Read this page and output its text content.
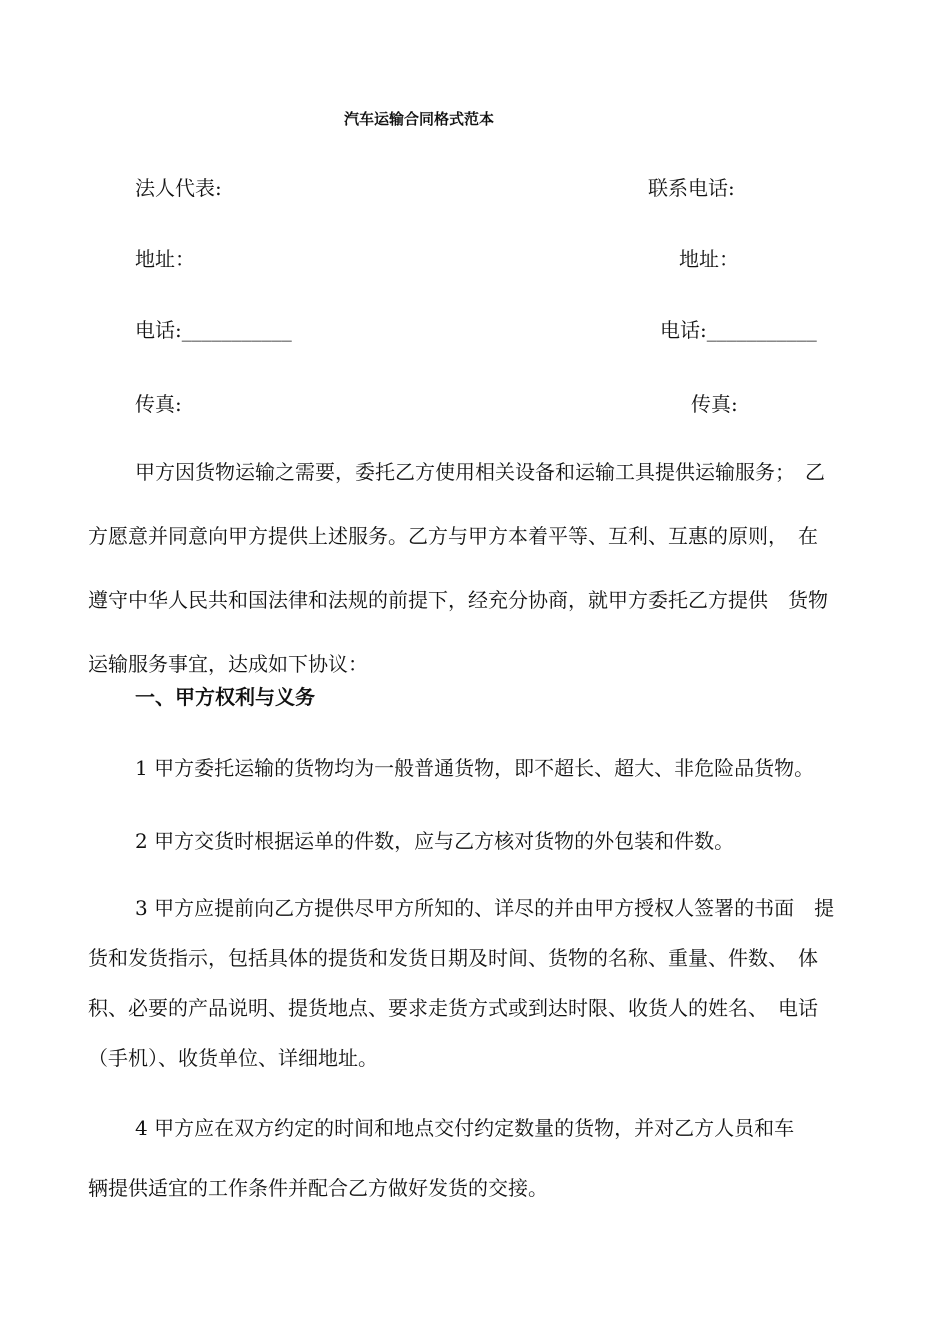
汽车运输合同格式范本
法人代表:	联系电话:
地址：	地址：
电话:___________	电话:___________
传真:	传真:
甲方因货物运输之需要，委托乙方使用相关设备和运输工具提供运输服务；　乙
方愿意并同意向甲方提供上述服务。乙方与甲方本着平等、互利、互惠的原则，　在
遵守中华人民共和国法律和法规的前提下，经充分协商，就甲方委托乙方提供　货物
运输服务事宜，达成如下协议：
一、甲方权利与义务
1 甲方委托运输的货物均为一般普通货物，即不超长、超大、非危险品货物。
2 甲方交货时根据运单的件数，应与乙方核对货物的外包装和件数。
3 甲方应提前向乙方提供尽甲方所知的、详尽的并由甲方授权人签署的书面　提
货和发货指示，包括具体的提货和发货日期及时间、货物的名称、重量、件数、　体
积、必要的产品说明、提货地点、要求走货方式或到达时限、收货人的姓名、　电话
（手机）、收货单位、详细地址。
4 甲方应在双方约定的时间和地点交付约定数量的货物，并对乙方人员和车
辆提供适宜的工作条件并配合乙方做好发货的交接。
